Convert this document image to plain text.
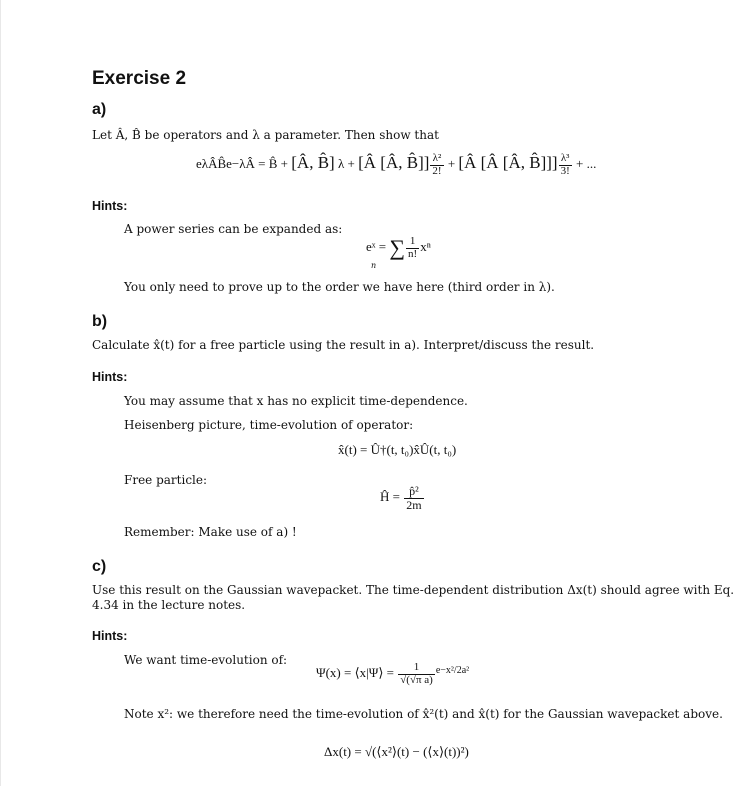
Exercise 2
a)
Let Â, B̂ be operators and λ a parameter. Then show that
eλÂB̂e−λÂ = B̂ + [Â, B̂] λ + [Â [Â, B̂]] $\frac{\text{λ²}}{2!}$ + [Â [Â [Â, B̂]]] $\frac{\text{λ³}}{3!}$ + ...
Hints:
A power series can be expanded as:
eˣ = ∑ $\frac{1}{n!}$ xⁿ
n
You only need to prove up to the order we have here (third order in λ).
b)
Calculate x̂(t) for a free particle using the result in a). Interpret/discuss the result.
Hints:
You may assume that x has no explicit time-dependence.
Heisenberg picture, time-evolution of operator:
x̂(t) = Û†(t, t₀)x̂Û(t, t₀)
Free particle:
Ĥ = $\frac{\text{p̂²}}{2m}$
Remember: Make use of a) !
c)
Use this result on the Gaussian wavepacket. The time-dependent distribution Δx(t) should agree with Eq.
4.34 in the lecture notes.
Hints:
We want time-evolution of:
Ψ(x) = ⟨x|Ψ⟩ = $\frac{1}{\text{√(√π a)}} ^{e-x^2/2a^2}$
Note x²: we therefore need the time-evolution of x̂²(t) and x̂(t) for the Gaussian wavepacket above.
Δx(t) = √(⟨x²⟩(t) − (⟨x⟩(t))²)
